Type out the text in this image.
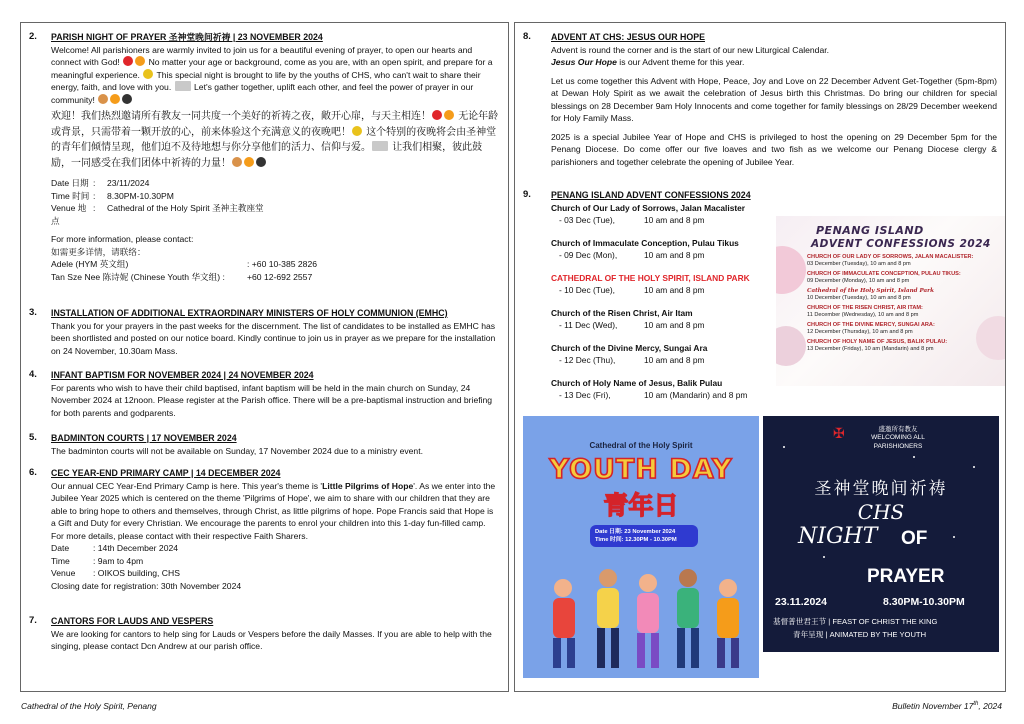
2. PARISH NIGHT OF PRAYER 圣神堂晚间祈祷 | 23 NOVEMBER 2024
Welcome! All parishioners are warmly invited to join us for a beautiful evening of prayer, to open our hearts and connect with God!	No matter your age or background, come as you are, with an open spirit, and prepare for a meaningful experience. This special night is brought to life by the youths of CHS, who can't wait to share their energy, faith, and love with you.	Let's gather together, uplift each other, and feel the power of prayer in our community!
欢迎！我们热烈邀请所有教友一同共度一个美好的祈祷之夜，敞开心扉，与天主相连！	无论年龄或背景，只需带着一颗开放的心，前来体验这个充满意义的夜晚吧！ 这个特别的夜晚将会由圣神堂的青年们倾情呈现，他们迫不及待地想与你分享他们的活力、信仰与爱。 让我们相聚，彼此鼓励，一同感受在我们团体中祈祷的力量！
Date 日期 :	23/11/2024
Time 时间 :	8.30PM-10.30PM
Venue 地点
:	Cathedral of the Holy Spirit 圣神主教座堂
For more information, please contact:
如需更多详情，请联络：
Adele (HYM 英文组)	: +60 10-385 2826
Tan Sze Nee 陈诗妮 (Chinese Youth 华文组) :	+60 12-692 2557
3. INSTALLATION OF ADDITIONAL EXTRAORDINARY MINISTERS OF HOLY COMMUNION (EMHC)
Thank you for your prayers in the past weeks for the discernment. The list of candidates to be installed as EMHC has been shortlisted and posted on our notice board. Kindly continue to join us in prayer as we prepare for the installation on 24 November, 10.30am Mass.
4. INFANT BAPTISM FOR NOVEMBER 2024 | 24 NOVEMBER 2024
For parents who wish to have their child baptised, infant baptism will be held in the main church on Sunday, 24 November 2024 at 12noon. Please register at the Parish office. There will be a pre-baptismal instruction and briefing for both parents and godparents.
5. BADMINTON COURTS | 17 NOVEMBER 2024
The badminton courts will not be available on Sunday, 17 November 2024 due to a ministry event.
6. CEC YEAR-END PRIMARY CAMP | 14 DECEMBER 2024
Our annual CEC Year-End Primary Camp is here. This year's theme is 'Little Pilgrims of Hope'. As we enter into the Jubilee Year 2025 which is centered on the theme 'Pilgrims of Hope', we aim to share with our children that they are able to bring hope to others and themselves, through Christ, as little pilgrims of hope. Pope Francis said that Hope is a Gift and Duty for every Christian. We encourage the parents to enrol your children into this 1-day fun-filled camp. For more details, please contact with their respective Faith Sharers.
Date	: 14th December 2024
Time	: 9am to 4pm
Venue	: OIKOS building, CHS
Closing date for registration: 30th November 2024
7. CANTORS FOR LAUDS AND VESPERS
We are looking for cantors to help sing for Lauds or Vespers before the daily Masses. If you are able to help with the singing, please contact Dcn Andrew at our parish office.
8. ADVENT AT CHS: JESUS OUR HOPE
Advent is round the corner and is the start of our new Liturgical Calendar.
Jesus Our Hope is our Advent theme for this year.
Let us come together this Advent with Hope, Peace, Joy and Love on 22 December Advent Get-Together (5pm-8pm) at Dewan Holy Spirit as we await the celebration of Jesus birth this Christmas. Do bring our children for special blessings on 28 December 9am Holy Innocents and come together for family blessings on 28/29 December weekend for Holy Family Mass.
2025 is a special Jubilee Year of Hope and CHS is privileged to host the opening on 29 December 5pm for the Penang Diocese. Do come offer our five loaves and two fish as we welcome our Penang Diocese clergy & parishioners and together celebrate the opening of Jubilee Year.
9. PENANG ISLAND ADVENT CONFESSIONS 2024
Church of Our Lady of Sorrows, Jalan Macalister
- 03 Dec (Tue),	10 am and 8 pm
Church of Immaculate Conception, Pulau Tikus
- 09 Dec (Mon),	10 am and 8 pm
CATHEDRAL OF THE HOLY SPIRIT, ISLAND PARK
- 10 Dec (Tue),	10 am and 8 pm
Church of the Risen Christ, Air Itam
- 11 Dec (Wed),	10 am and 8 pm
Church of the Divine Mercy, Sungai Ara
- 12 Dec (Thu),	10 am and 8 pm
Church of Holy Name of Jesus, Balik Pulau
- 13 Dec (Fri),	10 am (Mandarin) and 8 pm
PENANG ISLAND
ADVENT CONFESSIONS 2024
CHURCH OF OUR LADY OF SORROWS, JALAN MACALISTER:
03 December (Tuesday), 10 am and 8 pm
CHURCH OF IMMACULATE CONCEPTION, PULAU TIKUS:
09 December (Monday), 10 am and 8 pm
Cathedral of the Holy Spirit, Island Park
10 December (Tuesday), 10 am and 8 pm
CHURCH OF THE RISEN CHRIST, AIR ITAM:
11 December (Wednesday), 10 am and 8 pm
CHURCH OF THE DIVINE MERCY, SUNGAI ARA:
12 December (Thursday), 10 am and 8 pm
CHURCH OF HOLY NAME OF JESUS, BALIK PULAU:
13 December (Friday), 10 am (Mandarin) and 8 pm
Cathedral of the Holy Spirit
YOUTH DAY
青年日
Date 日期: 23 November 2024
Time 时间: 12.30PM - 10.30PM
✠	盛邀所有教友
WELCOMING ALL
PARISHIONERS
圣神堂晚间祈祷
CHS
NIGHT OF
PRAYER
23.11.2024	8.30PM-10.30PM
基督普世君王节 | FEAST OF CHRIST THE KING
青年呈现 | ANIMATED BY THE YOUTH
Cathedral of the Holy Spirit, Penang	Bulletin November 17th, 2024
